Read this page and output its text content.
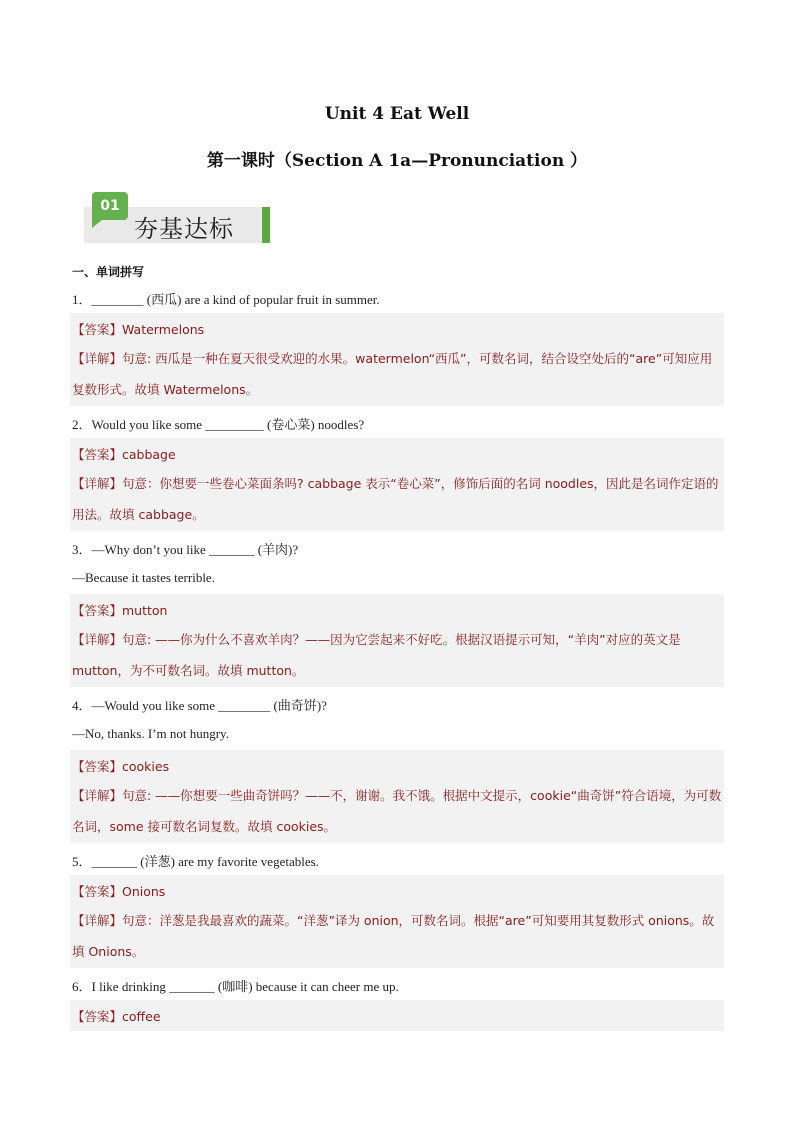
Unit 4 Eat Well
第一课时（Section A 1a—Pronunciation ）
01
夯基达标
一、单词拼写
1．________ (西瓜) are a kind of popular fruit in summer.
【答案】Watermelons
【详解】句意: 西瓜是一种在夏天很受欢迎的水果。watermelon“西瓜”，可数名词，结合设空处后的“are”可知应用复数形式。故填 Watermelons。
2．Would you like some _________ (卷心菜) noodles?
【答案】cabbage
【详解】句意：你想要一些卷心菜面条吗? cabbage 表示“卷心菜”，修饰后面的名词 noodles，因此是名词作定语的用法。故填 cabbage。
3．—Why don’t you like _______ (羊肉)?
—Because it tastes terrible.
【答案】mutton
【详解】句意: ——你为什么不喜欢羊肉？——因为它尝起来不好吃。根据汉语提示可知，“羊肉”对应的英文是 mutton，为不可数名词。故填 mutton。
4．—Would you like some ________ (曲奇饼)?
—No, thanks. I’m not hungry.
【答案】cookies
【详解】句意: ——你想要一些曲奇饼吗？——不，谢谢。我不饿。根据中文提示，cookie“曲奇饼”符合语境，为可数名词，some 接可数名词复数。故填 cookies。
5．_______ (洋葱) are my favorite vegetables.
【答案】Onions
【详解】句意：洋葱是我最喜欢的蔬菜。“洋葱”译为 onion，可数名词。根据“are”可知要用其复数形式 onions。故填 Onions。
6．I like drinking _______ (咖啡) because it can cheer me up.
【答案】coffee
